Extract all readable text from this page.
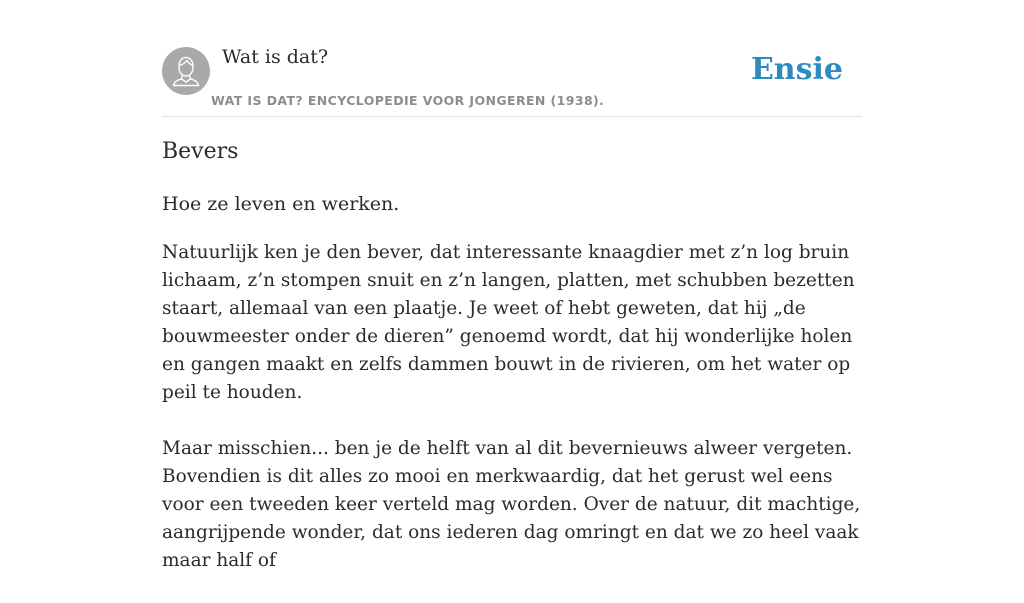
Wat is dat?
WAT IS DAT? ENCYCLOPEDIE VOOR JONGEREN (1938).
Ensie
Bevers

Hoe ze leven en werken.

Natuurlijk ken je den bever, dat interessante knaagdier met z’n log bruin lichaam, z’n stompen snuit en z’n langen, platten, met schubben bezetten staart, allemaal van een plaatje. Je weet of hebt geweten, dat hij „de bouwmeester onder de dieren” genoemd wordt, dat hij wonderlijke holen en gangen maakt en zelfs dammen bouwt in de rivieren, om het water op peil te houden.

Maar misschien... ben je de helft van al dit bevernieuws alweer vergeten. Bovendien is dit alles zo mooi en merkwaardig, dat het gerust wel eens voor een tweeden keer verteld mag worden. Over de natuur, dit machtige, aangrijpende wonder, dat ons iederen dag omringt en dat we zo heel vaak maar half of
